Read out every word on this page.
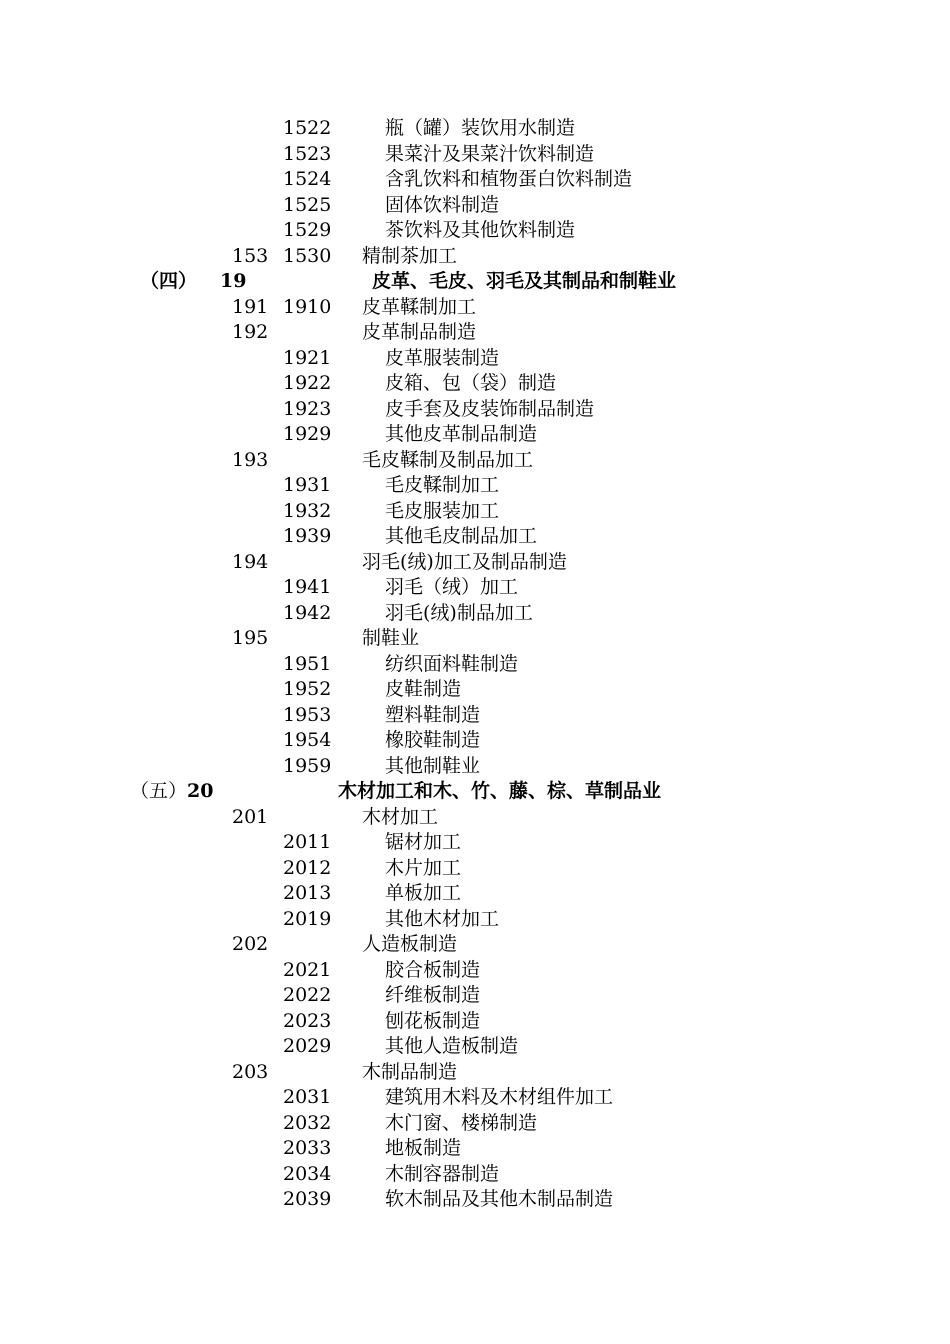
1522	瓶（罐）装饮用水制造
1523	果菜汁及果菜汁饮料制造
1524	含乳饮料和植物蛋白饮料制造
1525	固体饮料制造
1529	茶饮料及其他饮料制造
153 1530 精制茶加工
（四） 19	皮革、毛皮、羽毛及其制品和制鞋业
191 1910 皮革鞣制加工
192	皮革制品制造
1921	皮革服装制造
1922	皮箱、包（袋）制造
1923	皮手套及皮装饰制品制造
1929	其他皮革制品制造
193	毛皮鞣制及制品加工
1931	毛皮鞣制加工
1932	毛皮服装加工
1939	其他毛皮制品加工
194	羽毛(绒)加工及制品制造
1941	羽毛（绒）加工
1942	羽毛(绒)制品加工
195	制鞋业
1951	纺织面料鞋制造
1952	皮鞋制造
1953	塑料鞋制造
1954	橡胶鞋制造
1959	其他制鞋业
（五）20	木材加工和木、竹、藤、棕、草制品业
201	木材加工
2011	锯材加工
2012	木片加工
2013	单板加工
2019	其他木材加工
202	人造板制造
2021	胶合板制造
2022	纤维板制造
2023	刨花板制造
2029	其他人造板制造
203	木制品制造
2031	建筑用木料及木材组件加工
2032	木门窗、楼梯制造
2033	地板制造
2034	木制容器制造
2039	软木制品及其他木制品制造
